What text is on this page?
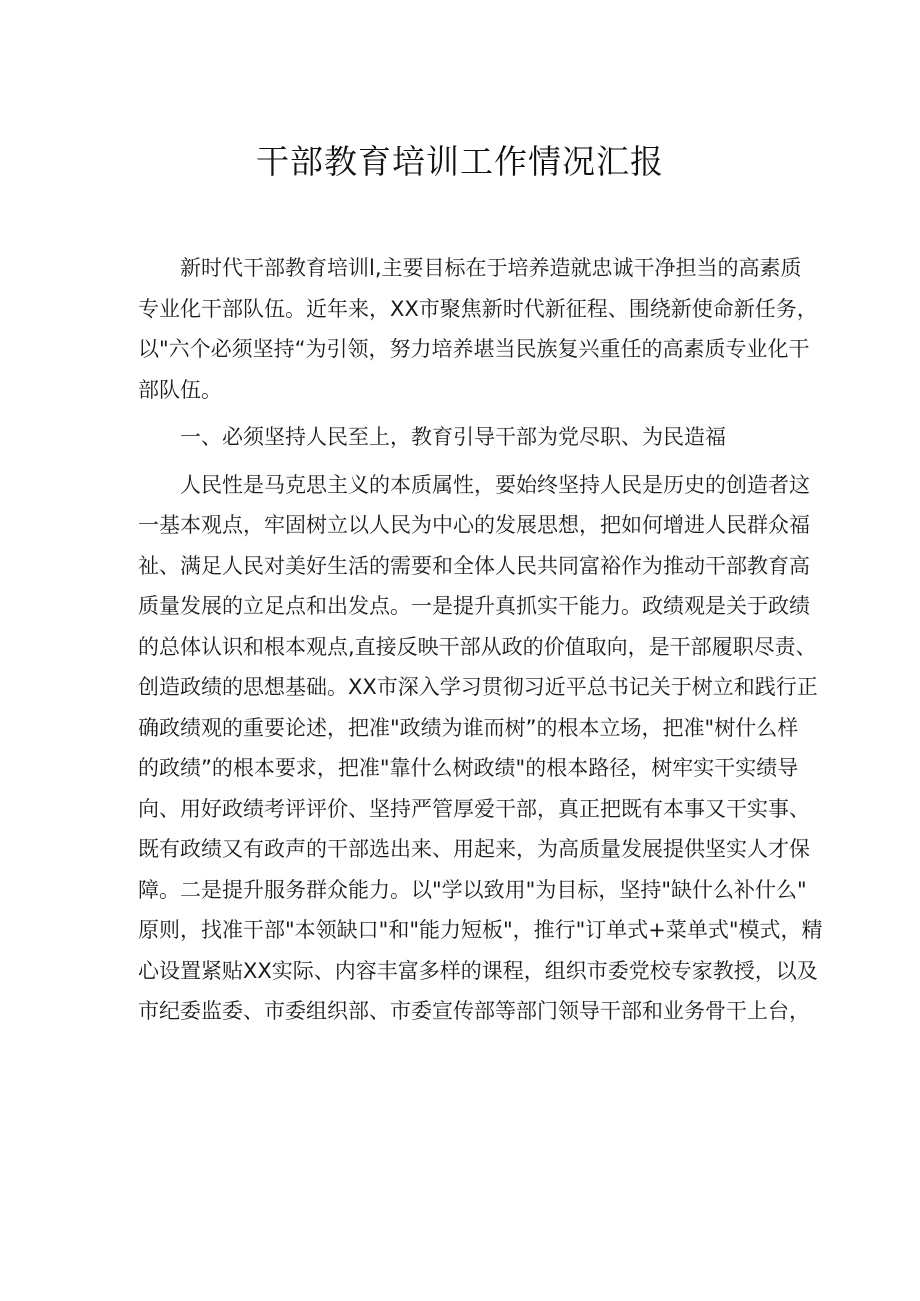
干部教育培训工作情况汇报
新时代干部教育培训l,主要目标在于培养造就忠诚干净担当的高素质
专业化干部队伍。近年来，XX市聚焦新时代新征程、围绕新使命新任务，
以"六个必须坚持“为引领，努力培养堪当民族复兴重任的高素质专业化干
部队伍。
一、必须坚持人民至上，教育引导干部为党尽职、为民造福
人民性是马克思主义的本质属性，要始终坚持人民是历史的创造者这
一基本观点，牢固树立以人民为中心的发展思想，把如何增进人民群众福
祉、满足人民对美好生活的需要和全体人民共同富裕作为推动干部教育高
质量发展的立足点和出发点。一是提升真抓实干能力。政绩观是关于政绩
的总体认识和根本观点,直接反映干部从政的价值取向，是干部履职尽责、
创造政绩的思想基础。XX市深入学习贯彻习近平总书记关于树立和践行正
确政绩观的重要论述，把准"政绩为谁而树”的根本立场，把准"树什么样
的政绩”的根本要求，把准"靠什么树政绩"的根本路径，树牢实干实绩导
向、用好政绩考评评价、坚持严管厚爱干部，真正把既有本事又干实事、
既有政绩又有政声的干部选出来、用起来，为高质量发展提供坚实人才保
障。二是提升服务群众能力。以"学以致用"为目标，坚持"缺什么补什么"
原则，找准干部"本领缺口"和"能力短板"，推行"订单式+菜单式"模式，精
心设置紧贴XX实际、内容丰富多样的课程，组织市委党校专家教授，以及
市纪委监委、市委组织部、市委宣传部等部门领导干部和业务骨干上台，
